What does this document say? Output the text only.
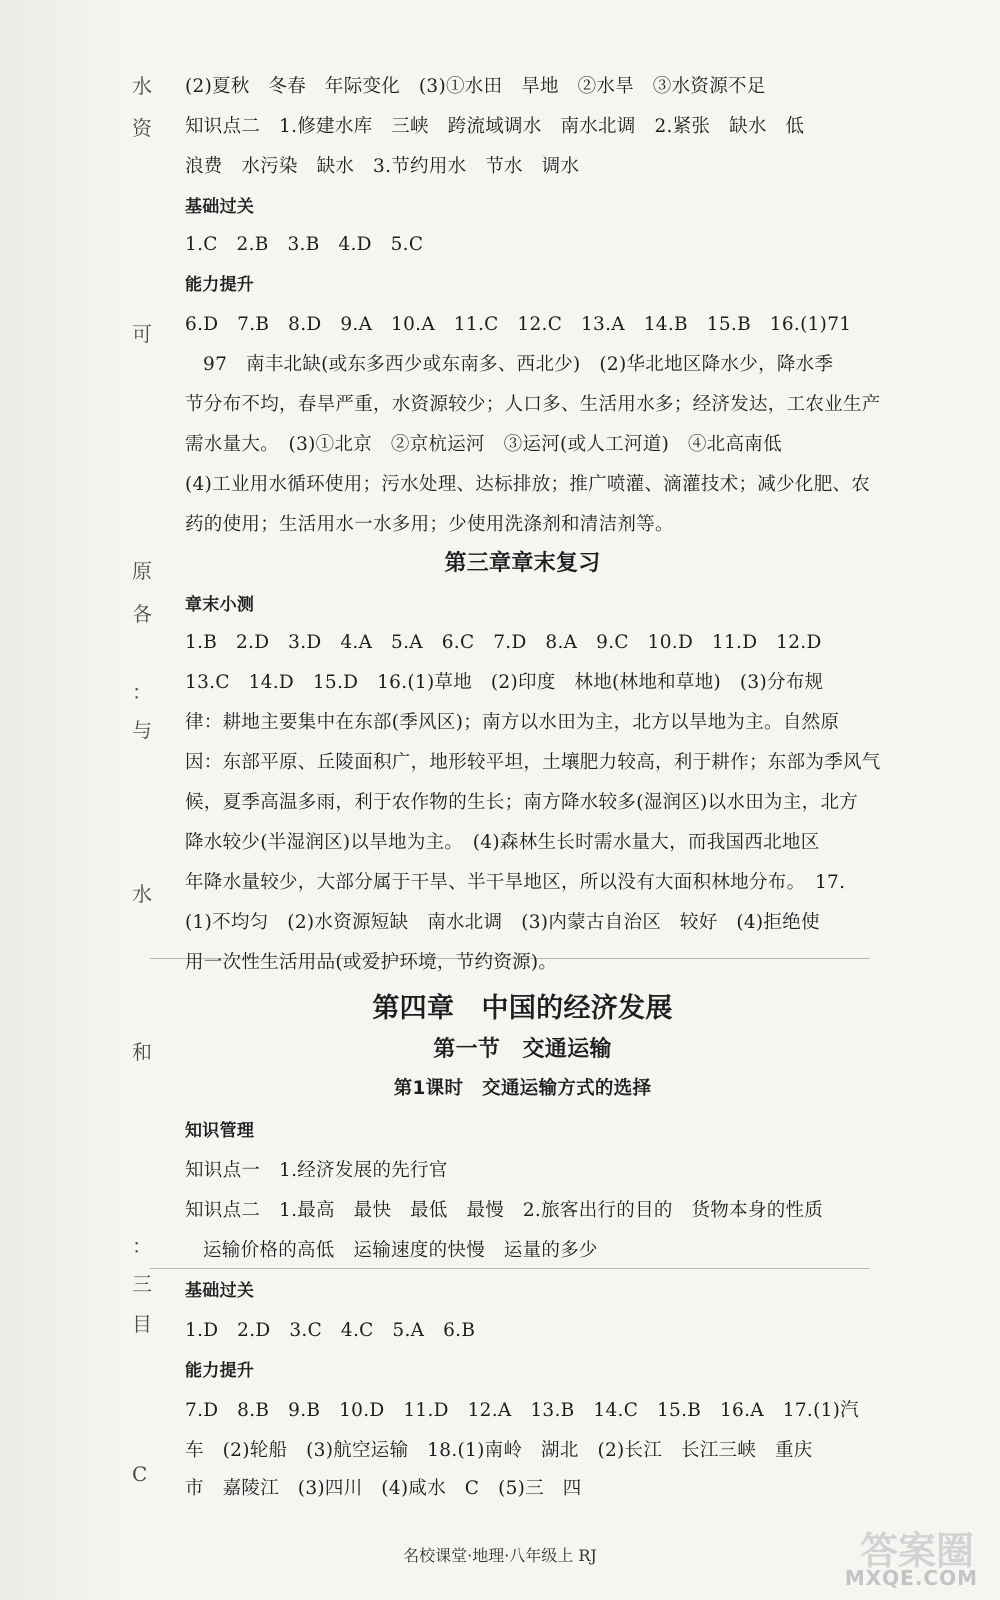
水
资
可
原
各
：
与
水
和
：
三
目
C
(2)夏秋　冬春　年际变化　(3)①水田　旱地　②水旱　③水资源不足
知识点二　1.修建水库　三峡　跨流域调水　南水北调　2.紧张　缺水　低
浪费　水污染　缺水　3.节约用水　节水　调水
基础过关
1.C　2.B　3.B　4.D　5.C
能力提升
6.D　7.B　8.D　9.A　10.A　11.C　12.C　13.A　14.B　15.B　16.(1)71
97　南丰北缺(或东多西少或东南多、西北少)　(2)华北地区降水少，降水季
节分布不均，春旱严重，水资源较少；人口多、生活用水多；经济发达，工农业生产
需水量大。　(3)①北京　②京杭运河　③运河(或人工河道)　④北高南低
(4)工业用水循环使用；污水处理、达标排放；推广喷灌、滴灌技术；减少化肥、农
药的使用；生活用水一水多用；少使用洗涤剂和清洁剂等。
第三章章末复习
章末小测
1.B　2.D　3.D　4.A　5.A　6.C　7.D　8.A　9.C　10.D　11.D　12.D
13.C　14.D　15.D　16.(1)草地　(2)印度　林地(林地和草地)　(3)分布规
律：耕地主要集中在东部(季风区)；南方以水田为主，北方以旱地为主。自然原
因：东部平原、丘陵面积广，地形较平坦，土壤肥力较高，利于耕作；东部为季风气
候，夏季高温多雨，利于农作物的生长；南方降水较多(湿润区)以水田为主，北方
降水较少(半湿润区)以旱地为主。　(4)森林生长时需水量大，而我国西北地区
年降水量较少，大部分属于干旱、半干旱地区，所以没有大面积林地分布。　17.
(1)不均匀　(2)水资源短缺　南水北调　(3)内蒙古自治区　较好　(4)拒绝使
用一次性生活用品(或爱护环境，节约资源)。
第四章　中国的经济发展
第一节　交通运输
第1课时　交通运输方式的选择
知识管理
知识点一　1.经济发展的先行官
知识点二　1.最高　最快　最低　最慢　2.旅客出行的目的　货物本身的性质
运输价格的高低　运输速度的快慢　运量的多少
基础过关
1.D　2.D　3.C　4.C　5.A　6.B
能力提升
7.D　8.B　9.B　10.D　11.D　12.A　13.B　14.C　15.B　16.A　17.(1)汽
车　(2)轮船　(3)航空运输　18.(1)南岭　湖北　(2)长江　长江三峡　重庆
市　嘉陵江　(3)四川　(4)咸水　C　(5)三　四
名校课堂·地理·八年级上 RJ	答案圈
MXQE.COM
